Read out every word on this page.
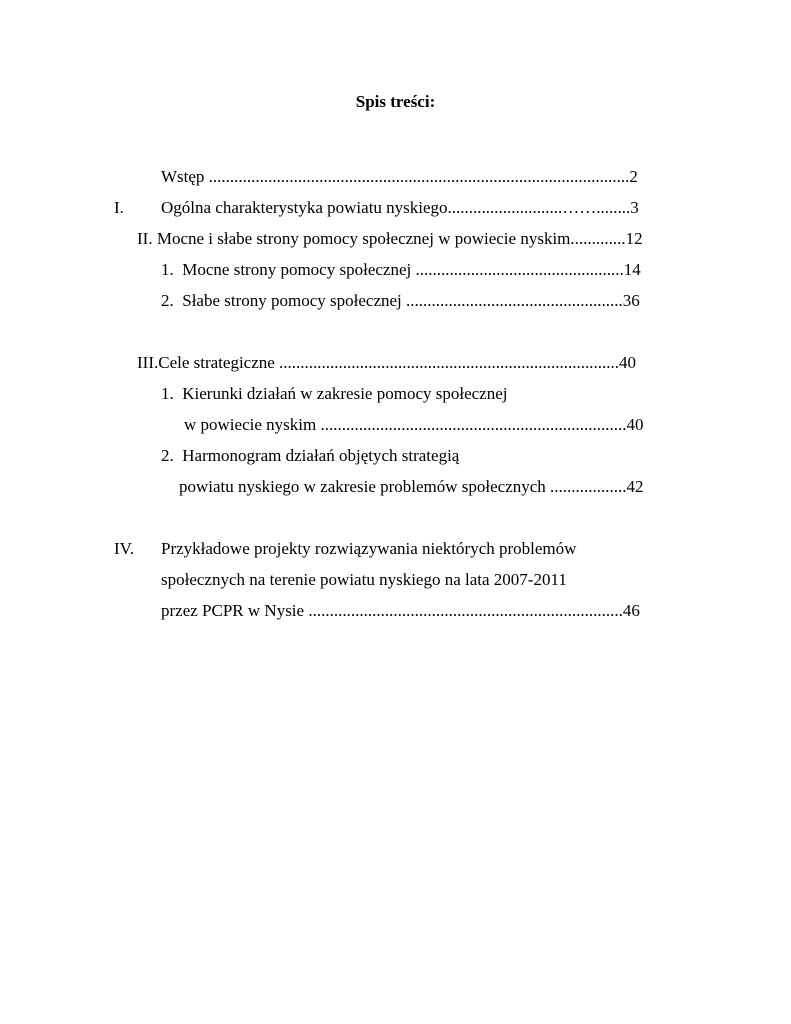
Spis treści:
Wstęp ...................................................................................................2
I. Ogólna charakterystyka powiatu nyskiego...........................……........3
II. Mocne i słabe strony pomocy społecznej w powiecie nyskim.............12
1.  Mocne strony pomocy społecznej .................................................14
2.  Słabe strony pomocy społecznej ...................................................36
III.Cele strategiczne ................................................................................40
1.  Kierunki działań w zakresie pomocy społecznej
w powiecie nyskim ........................................................................40
2.  Harmonogram działań objętych strategią
powiatu nyskiego w zakresie problemów społecznych ..................42
IV. Przykładowe projekty rozwiązywania niektórych problemów
społecznych na terenie powiatu nyskiego na lata 2007-2011
przez PCPR w Nysie ..........................................................................46
